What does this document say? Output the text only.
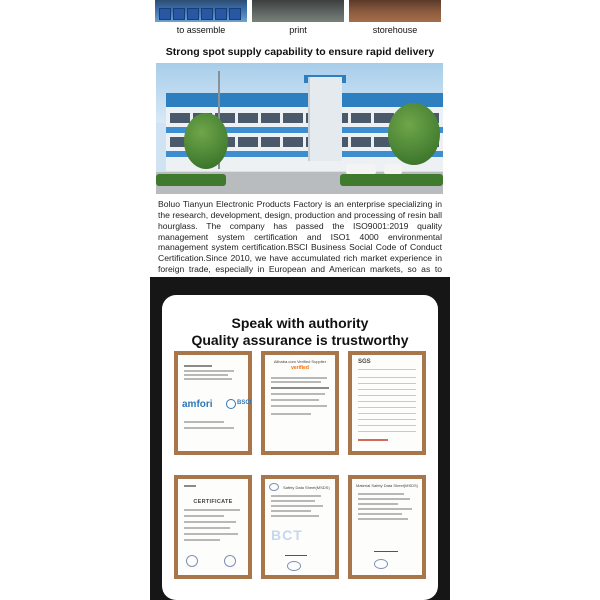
to assemble	print	storehouse
Strong spot supply capability to ensure rapid delivery

Boluo Tianyun Electronic Products Factory is an enterprise specializing in the research, development, design, production and processing of resin ball hourglass. The company has passed the ISO9001:2019 quality management system certification and ISO1 4000 environmental management system certification.BSCI Business Social Code of Conduct Certification.Since 2010, we have accumulated rich market experience in foreign trade, especially in European and American markets, so as to

Speak with authority
Quality assurance is trustworthy
amfori	BSCI
Alibaba.com Verified Supplier
verified
SGS
CERTIFICATE
Safety Data Sheet(MSDS)
BCT
Material Safety Data Sheet(MSDS)
